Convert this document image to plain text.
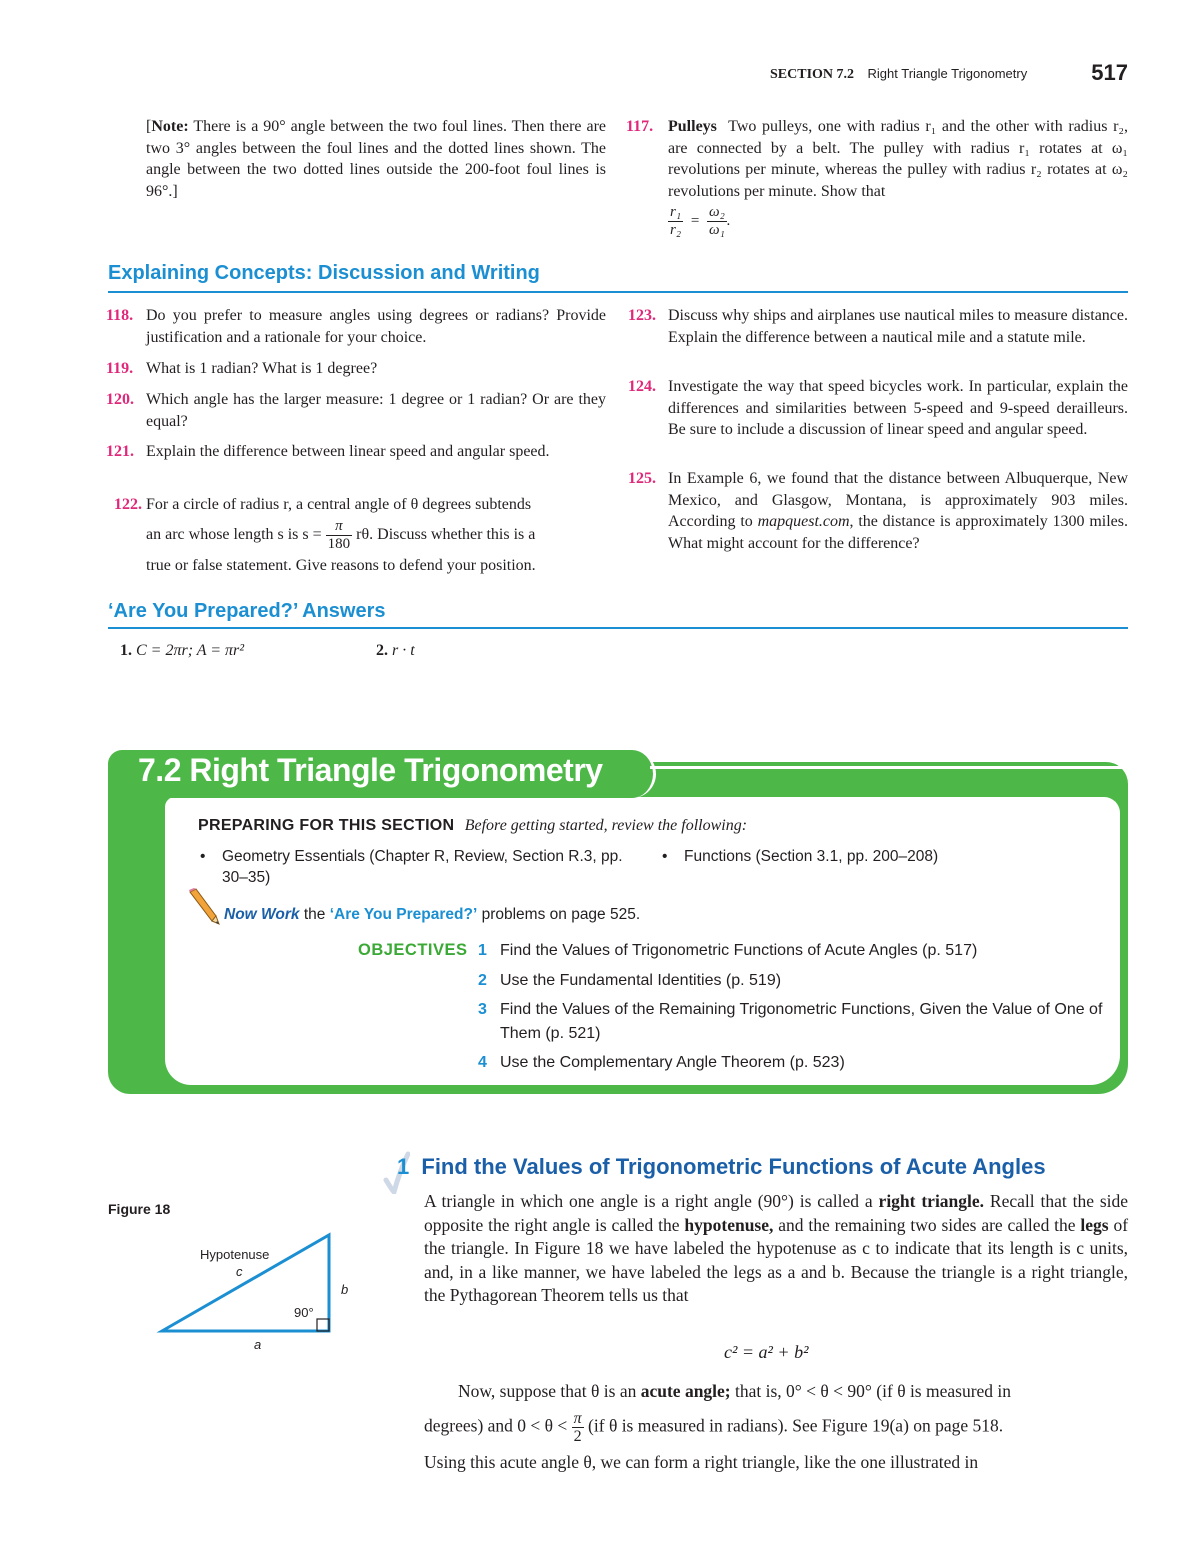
SECTION 7.2 Right Triangle Trigonometry	517
[Note: There is a 90° angle between the two foul lines. Then there are two 3° angles between the foul lines and the dotted lines shown. The angle between the two dotted lines outside the 200-foot foul lines is 96°.]
117. Pulleys Two pulleys, one with radius r₁ and the other with radius r₂, are connected by a belt. The pulley with radius r₁ rotates at ω₁ revolutions per minute, whereas the pulley with radius r₂ rotates at ω₂ revolutions per minute. Show that
$\frac{\text{r₁}}{\text{r₂}} = \frac{\text{ω₂}}{\text{ω₁}}$ .
Explaining Concepts: Discussion and Writing
118. Do you prefer to measure angles using degrees or radians? Provide justification and a rationale for your choice.
119. What is 1 radian? What is 1 degree?
120. Which angle has the larger measure: 1 degree or 1 radian? Or are they equal?
121. Explain the difference between linear speed and angular speed.
122. For a circle of radius r, a central angle of θ degrees subtends
an arc whose length s is $s = \frac{\pi}{180} r\theta$. Discuss whether this is a
true or false statement. Give reasons to defend your position.
123. Discuss why ships and airplanes use nautical miles to measure distance. Explain the difference between a nautical mile and a statute mile.
124. Investigate the way that speed bicycles work. In particular, explain the differences and similarities between 5-speed and 9-speed derailleurs. Be sure to include a discussion of linear speed and angular speed.
125. In Example 6, we found that the distance between Albuquerque, New Mexico, and Glasgow, Montana, is approximately 903 miles. According to mapquest.com, the distance is approximately 1300 miles. What might account for the difference?
‘Are You Prepared?’ Answers
1. C = 2πr; A = πr²	2. r · t
7.2 Right Triangle Trigonometry
PREPARING FOR THIS SECTION Before getting started, review the following:
• Geometry Essentials (Chapter R, Review, Section R.3, pp. 30–35)
• Functions (Section 3.1, pp. 200–208)
Now Work the ‘Are You Prepared?’ problems on page 525.
OBJECTIVES 1 Find the Values of Trigonometric Functions of Acute Angles (p. 517)
2 Use the Fundamental Identities (p. 519)
3 Find the Values of the Remaining Trigonometric Functions, Given the Value of One of Them (p. 521)
4 Use the Complementary Angle Theorem (p. 523)
1 Find the Values of Trigonometric Functions of Acute Angles
A triangle in which one angle is a right angle (90°) is called a right triangle. Recall that the side opposite the right angle is called the hypotenuse, and the remaining two sides are called the legs of the triangle. In Figure 18 we have labeled the hypotenuse as c to indicate that its length is c units, and, in a like manner, we have labeled the legs as a and b. Because the triangle is a right triangle, the Pythagorean Theorem tells us that
c² = a² + b²
Now, suppose that θ is an acute angle; that is, 0° < θ < 90° (if θ is measured in
degrees) and $0 < \theta < \frac{\pi}{2} (if$ θ is measured in radians). See Figure 19(a) on page 518.
Using this acute angle θ, we can form a right triangle, like the one illustrated in
Figure 18
Hypotenuse
c
b
90°
a
